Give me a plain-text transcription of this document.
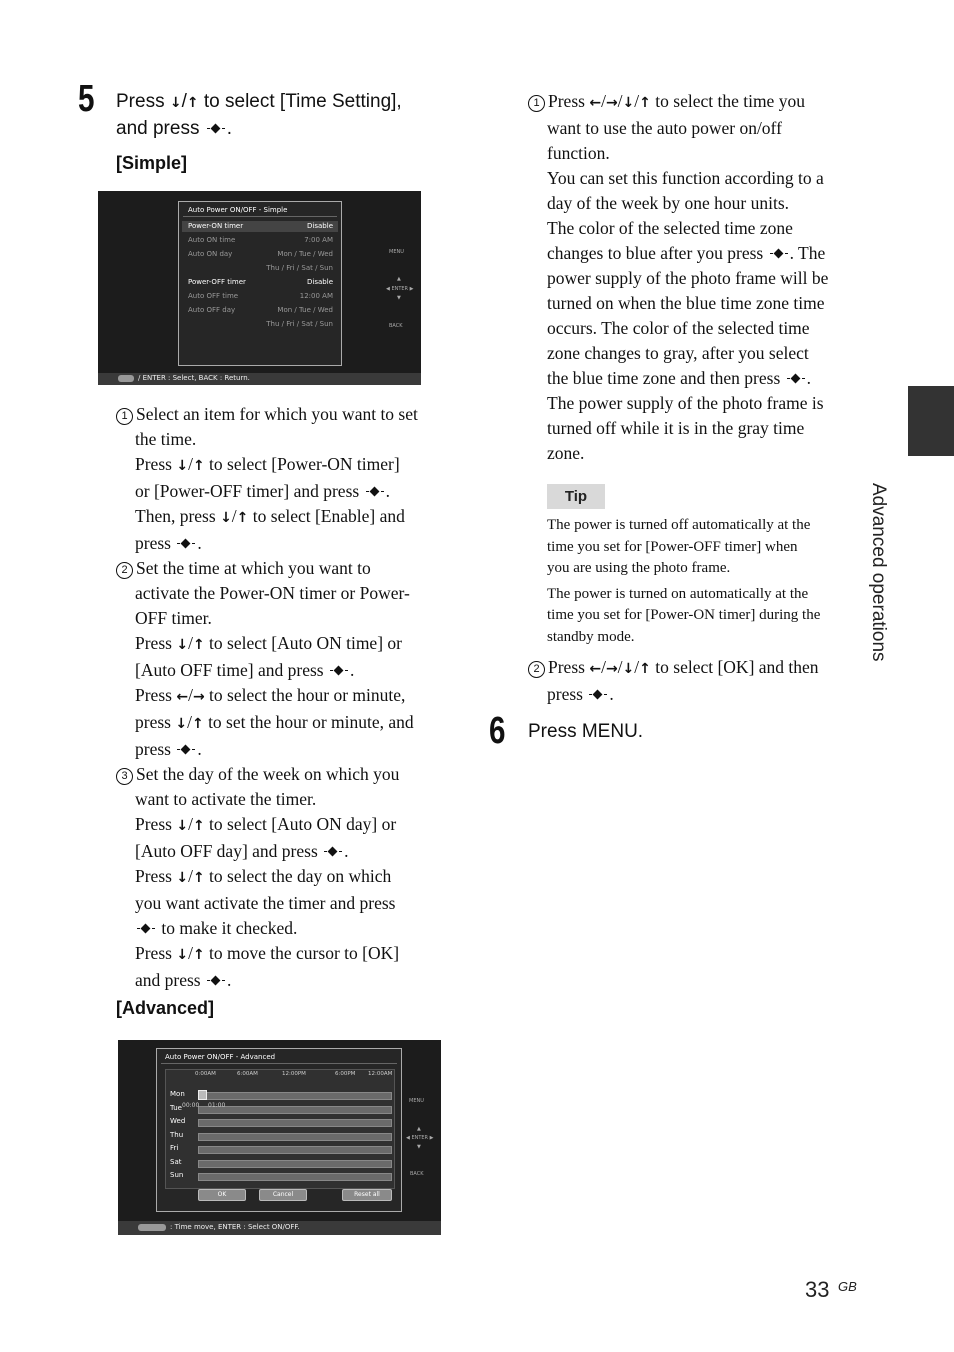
5 Press ↓/↑ to select [Time Setting],
and press .
[Simple]
Auto Power ON/OFF - Simple
Power-ON timer	Disable
Auto ON time	7:00 AM
Auto ON day	Mon / Tue / Wed
Thu / Fri / Sat / Sun
Power-OFF timer	Disable
Auto OFF time	12:00 AM
Auto OFF day	Mon / Tue / Wed
Thu / Fri / Sat / Sun
MENU
▲
◀ ENTER ▶
▼
BACK
/ ENTER : Select, BACK : Return.
1 Select an item for which you want to set
the time.
Press ↓/↑ to select [Power-ON timer]
or [Power-OFF timer] and press .
Then, press ↓/↑ to select [Enable] and
press .
2 Set the time at which you want to
activate the Power-ON timer or Power-
OFF timer.
Press ↓/↑ to select [Auto ON time] or
[Auto OFF time] and press .
Press ←/→ to select the hour or minute,
press ↓/↑ to set the hour or minute, and
press .
3 Set the day of the week on which you
want to activate the timer.
Press ↓/↑ to select [Auto ON day] or
[Auto OFF day] and press .
Press ↓/↑ to select the day on which
you want activate the timer and press
to make it checked.
Press ↓/↑ to move the cursor to [OK]
and press .
[Advanced]
Auto Power ON/OFF - Advanced
0:00AM	6:00AM	12:00PM	6:00PM 12:00AM
Mon
Tue
Wed
Thu
Fri
Sat
Sun
00:00 01:00
OK	Cancel	Reset all
MENU
▲
◀ ENTER ▶
▼
BACK
: Time move, ENTER : Select ON/OFF.
1 Press ←/→/↓/↑ to select the time you
want to use the auto power on/off
function.
You can set this function according to a
day of the week by one hour units.
The color of the selected time zone
changes to blue after you press . The
power supply of the photo frame will be
turned on when the blue time zone time
occurs. The color of the selected time
zone changes to gray, after you select
the blue time zone and then press .
The power supply of the photo frame is
turned off while it is in the gray time
zone.
Tip
The power is turned off automatically at the
time you set for [Power-OFF timer] when
you are using the photo frame.
The power is turned on automatically at the
time you set for [Power-ON timer] during the
standby mode.
2 Press ←/→/↓/↑ to select [OK] and then
press .
6 Press MENU.
Advanced operations
33 GB
